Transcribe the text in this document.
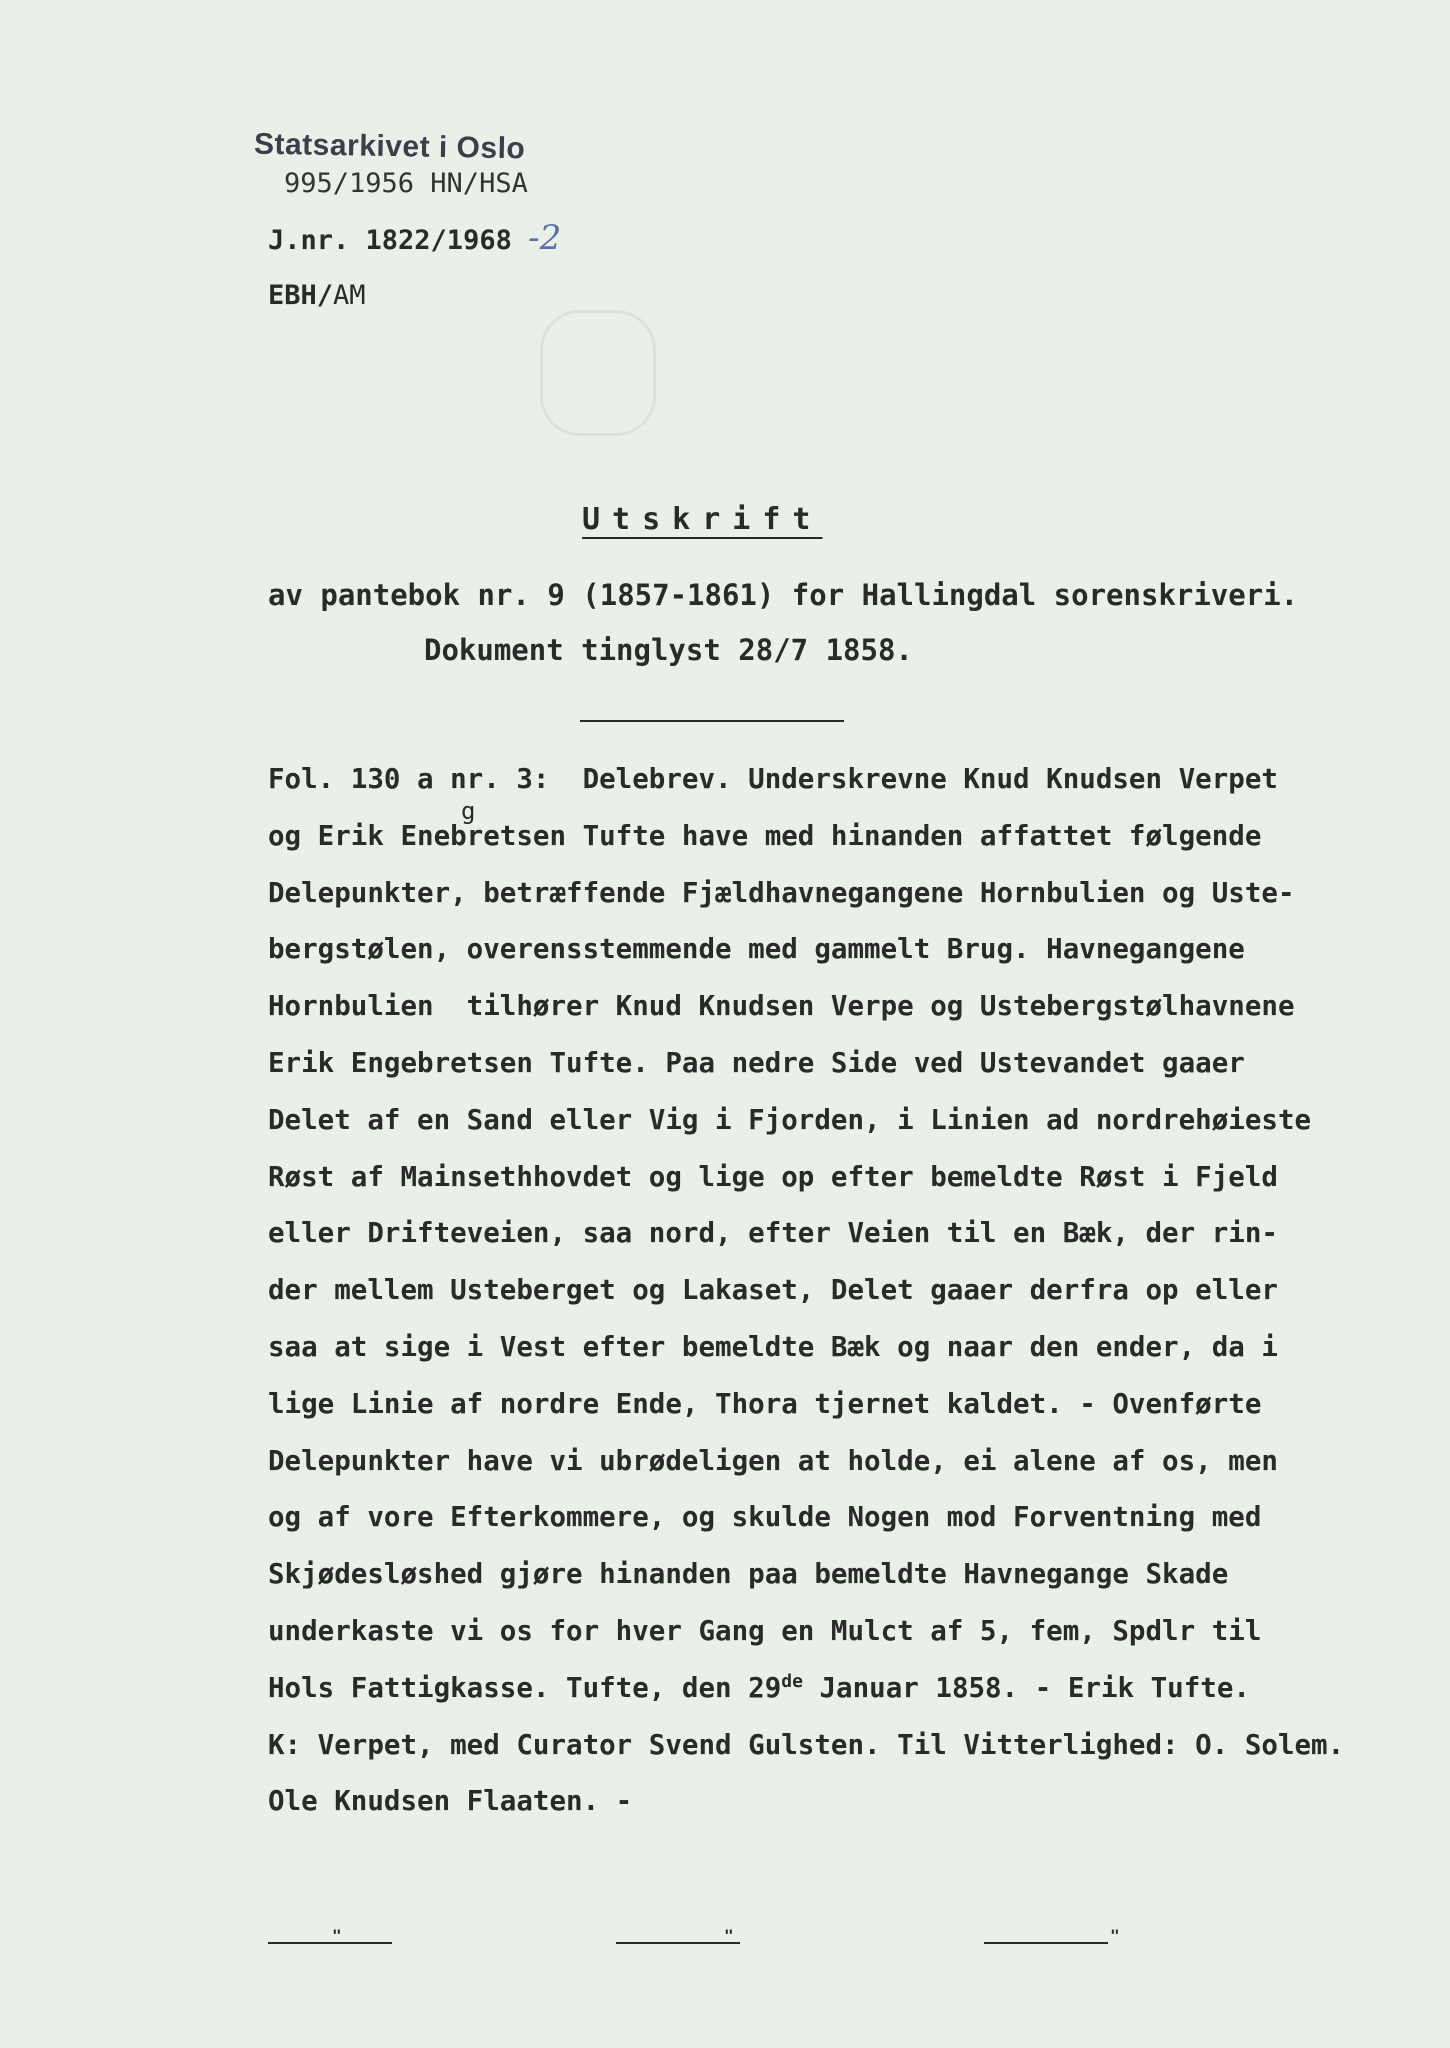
Statsarkivet i Oslo
995/1956 HN/HSA
J.nr. 1822/1968 -2
EBH/AM
Utskrift
av pantebok nr. 9 (1857-1861) for Hallingdal sorenskriveri.
Dokument tinglyst 28/7 1858.
g
Fol. 130 a nr. 3:  Delebrev. Underskrevne Knud Knudsen Verpet
og Erik Enebretsen Tufte have med hinanden affattet følgende
Delepunkter, betræffende Fjældhavnegangene Hornbulien og Uste-
bergstølen, overensstemmende med gammelt Brug. Havnegangene
Hornbulien  tilhører Knud Knudsen Verpe og Ustebergstølhavnene
Erik Engebretsen Tufte. Paa nedre Side ved Ustevandet gaaer
Delet af en Sand eller Vig i Fjorden, i Linien ad nordrehøieste
Røst af Mainsethhovdet og lige op efter bemeldte Røst i Fjeld
eller Drifteveien, saa nord, efter Veien til en Bæk, der rin-
der mellem Usteberget og Lakaset, Delet gaaer derfra op eller
saa at sige i Vest efter bemeldte Bæk og naar den ender, da i
lige Linie af nordre Ende, Thora tjernet kaldet. - Ovenførte
Delepunkter have vi ubrødeligen at holde, ei alene af os, men
og af vore Efterkommere, og skulde Nogen mod Forventning med
Skjødesløshed gjøre hinanden paa bemeldte Havnegange Skade
underkaste vi os for hver Gang en Mulct af 5, fem, Spdlr til
Hols Fattigkasse. Tufte, den 29de Januar 1858. - Erik Tufte.
K: Verpet, med Curator Svend Gulsten. Til Vitterlighed: O. Solem.
Ole Knudsen Flaaten. -
"	"	"
